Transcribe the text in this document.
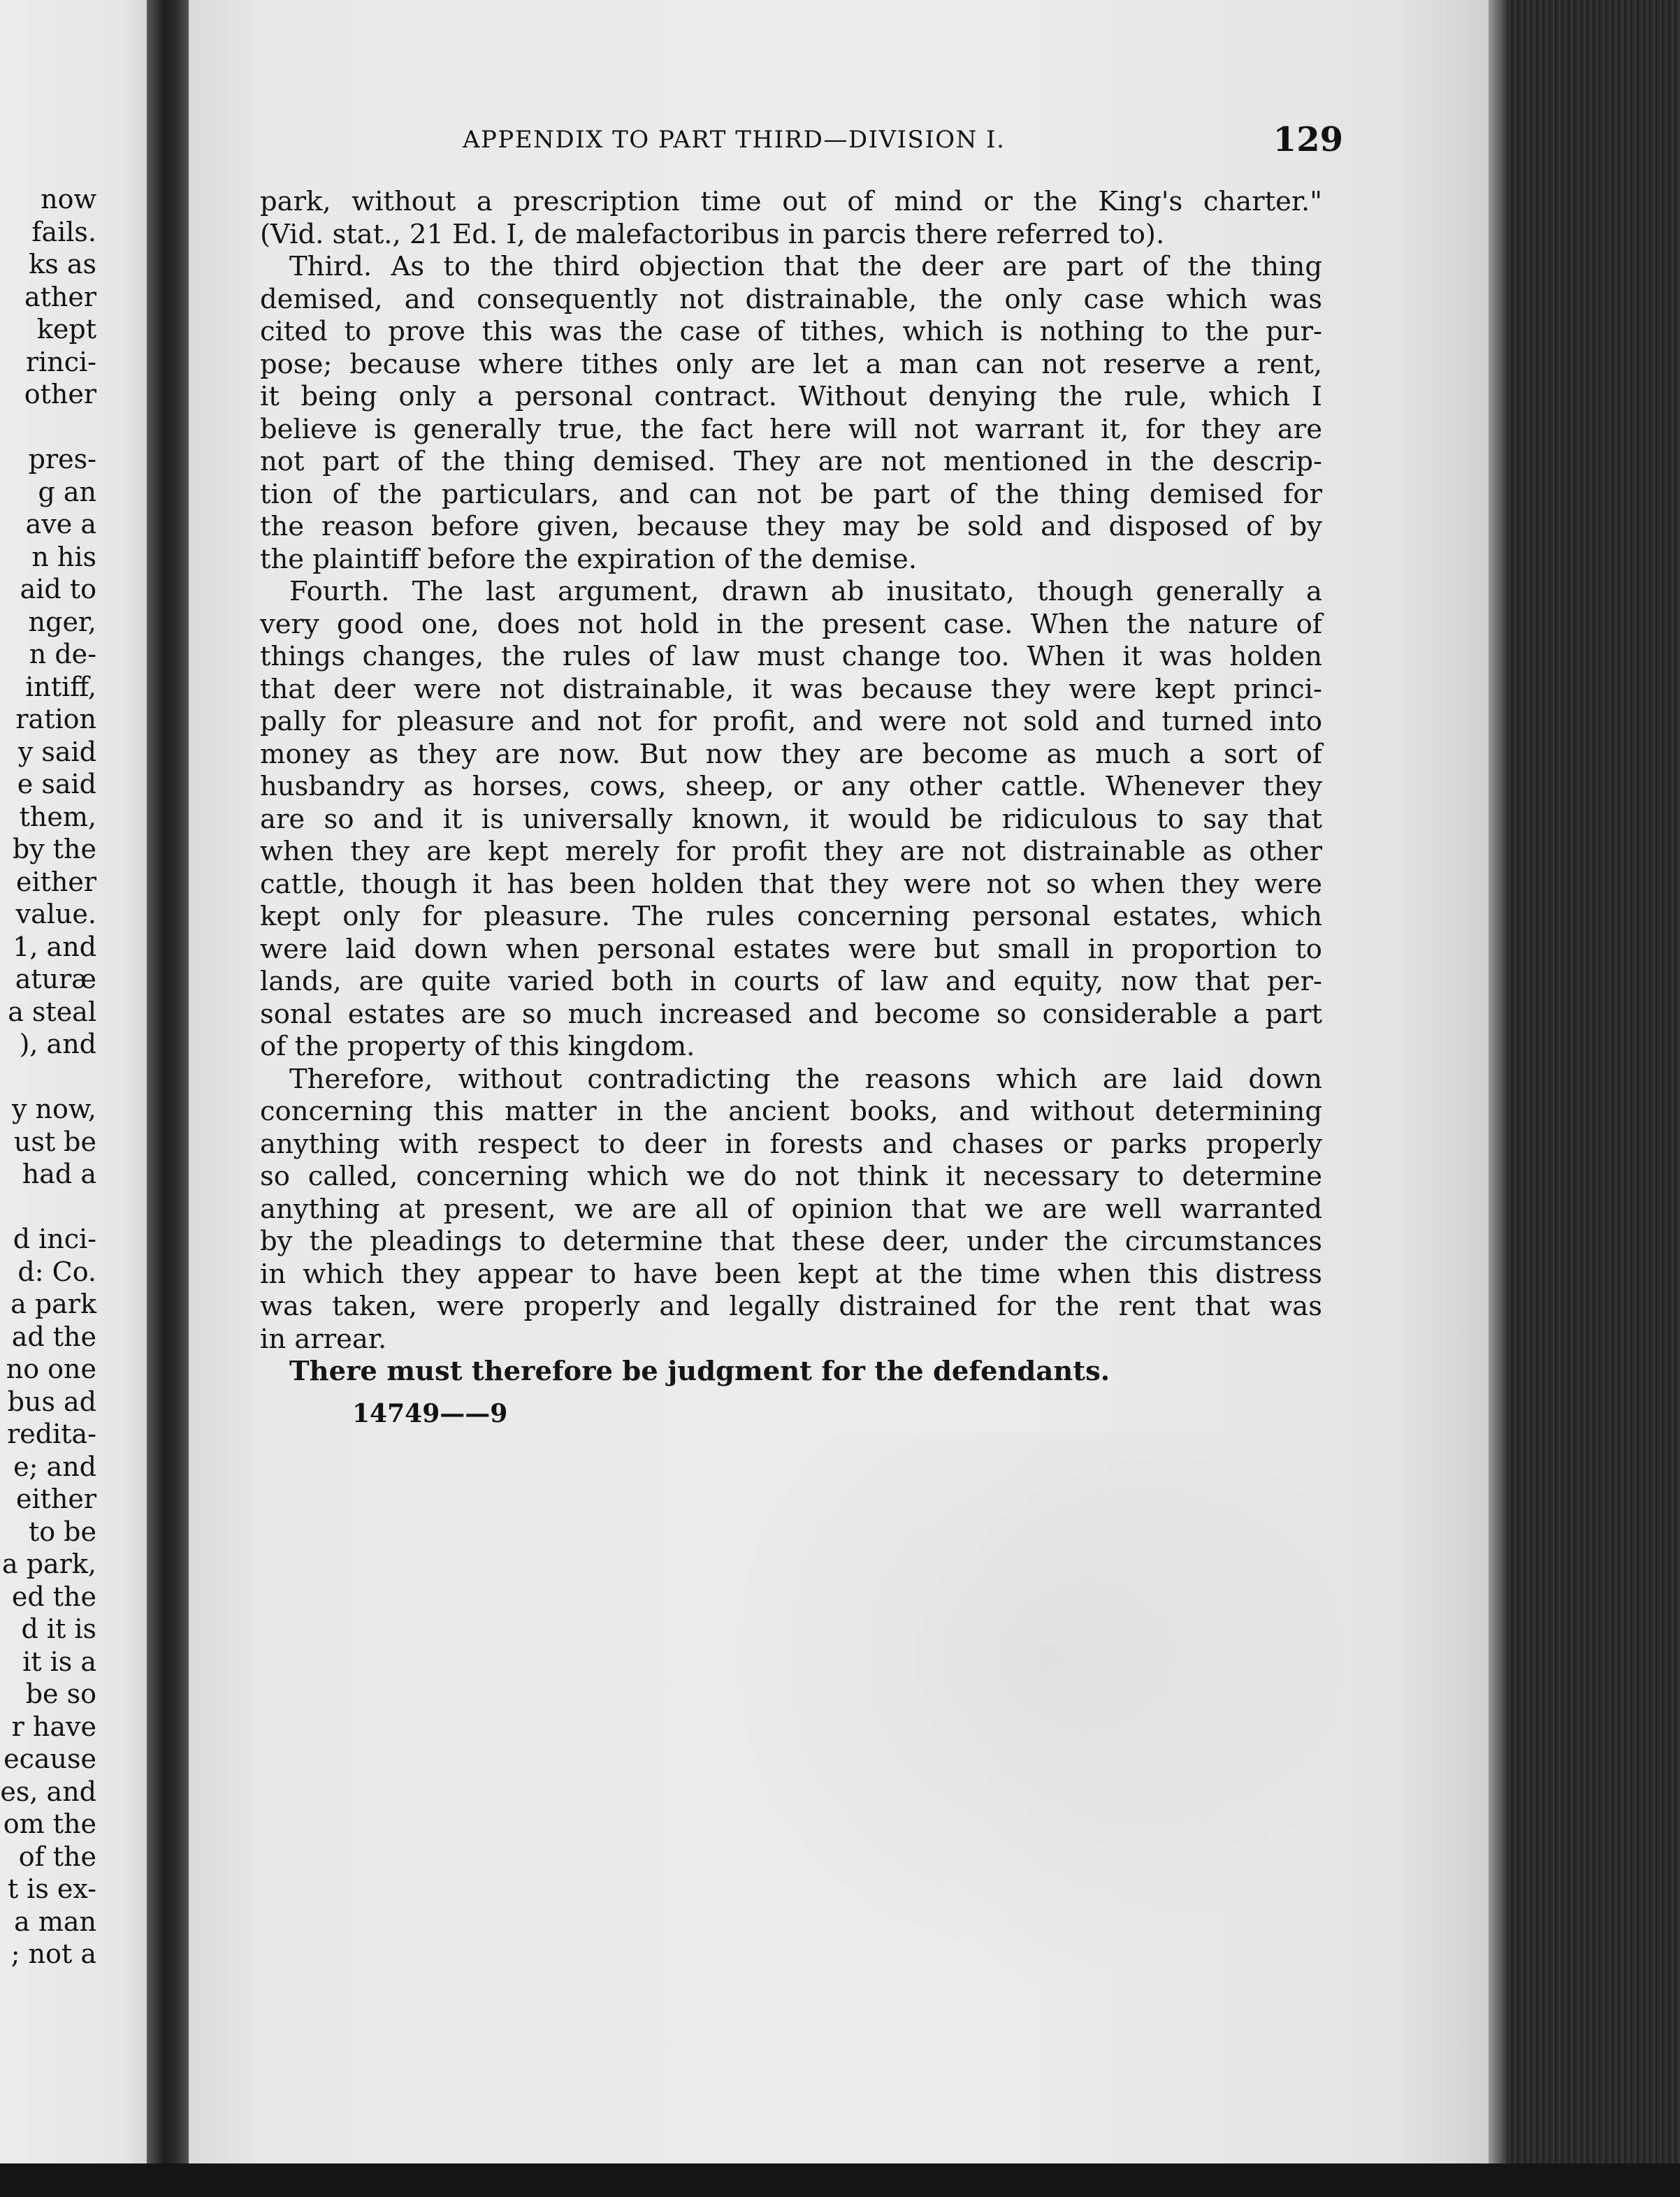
now
fails.
ks as
ather
kept
rinci-
other
pres-
g an
ave a
n his
aid to
nger,
n de-
intiff,
ration
y said
e said
them,
by the
either
value.
1, and
aturæ
a steal
), and
y now,
ust be
had a
d inci-
d: Co.
a park
ad the
no one
bus ad
redita-
e; and
either
to be
a park,
ed the
d it is
it is a
be so
r have
ecause
es, and
om the
of the
t is ex-
a man
; not a
APPENDIX TO PART THIRD—DIVISION I.	129
park, without a prescription time out of mind or the King's charter."
(Vid. stat., 21 Ed. I, de malefactoribus in parcis there referred to).
Third. As to the third objection that the deer are part of the thing
demised, and consequently not distrainable, the only case which was
cited to prove this was the case of tithes, which is nothing to the pur-
pose; because where tithes only are let a man can not reserve a rent,
it being only a personal contract. Without denying the rule, which I
believe is generally true, the fact here will not warrant it, for they are
not part of the thing demised. They are not mentioned in the descrip-
tion of the particulars, and can not be part of the thing demised for
the reason before given, because they may be sold and disposed of by
the plaintiff before the expiration of the demise.
Fourth. The last argument, drawn ab inusitato, though generally a
very good one, does not hold in the present case. When the nature of
things changes, the rules of law must change too. When it was holden
that deer were not distrainable, it was because they were kept princi-
pally for pleasure and not for profit, and were not sold and turned into
money as they are now. But now they are become as much a sort of
husbandry as horses, cows, sheep, or any other cattle. Whenever they
are so and it is universally known, it would be ridiculous to say that
when they are kept merely for profit they are not distrainable as other
cattle, though it has been holden that they were not so when they were
kept only for pleasure. The rules concerning personal estates, which
were laid down when personal estates were but small in proportion to
lands, are quite varied both in courts of law and equity, now that per-
sonal estates are so much increased and become so considerable a part
of the property of this kingdom.
Therefore, without contradicting the reasons which are laid down
concerning this matter in the ancient books, and without determining
anything with respect to deer in forests and chases or parks properly
so called, concerning which we do not think it necessary to determine
anything at present, we are all of opinion that we are well warranted
by the pleadings to determine that these deer, under the circumstances
in which they appear to have been kept at the time when this distress
was taken, were properly and legally distrained for the rent that was
in arrear.
There must therefore be judgment for the defendants.
14749——9
